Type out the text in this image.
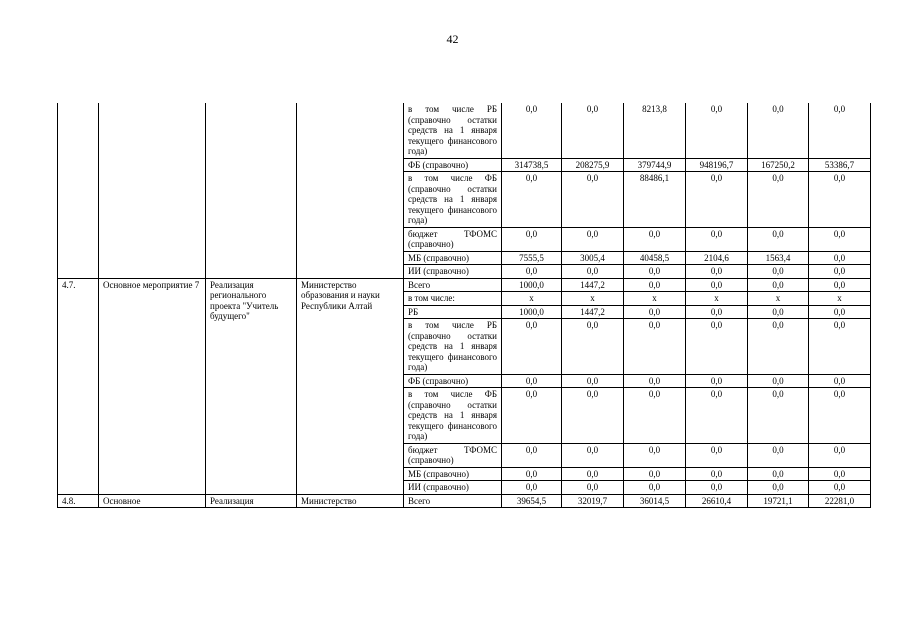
42
				в том числе РБ (справочно остатки средств на 1 января текущего финансового года)	0,0	0,0	8213,8	0,0	0,0	0,0
				ФБ (справочно)	314738,5	208275,9	379744,9	948196,7	167250,2	53386,7
				в том числе ФБ (справочно остатки средств на 1 января текущего финансового года)	0,0	0,0	88486,1	0,0	0,0	0,0
				бюджет ТФОМС (справочно)	0,0	0,0	0,0	0,0	0,0	0,0
				МБ (справочно)	7555,5	3005,4	40458,5	2104,6	1563,4	0,0
				ИИ (справочно)	0,0	0,0	0,0	0,0	0,0	0,0
4.7.	Основное мероприятие 7	Реализация регионального проекта "Учитель будущего"	Министерство образования и науки Республики Алтай	Всего	1000,0	1447,2	0,0	0,0	0,0	0,0
				в том числе:	х	х	х	х	х	х
				РБ	1000,0	1447,2	0,0	0,0	0,0	0,0
				в том числе РБ (справочно остатки средств на 1 января текущего финансового года)	0,0	0,0	0,0	0,0	0,0	0,0
				ФБ (справочно)	0,0	0,0	0,0	0,0	0,0	0,0
				в том числе ФБ (справочно остатки средств на 1 января текущего финансового года)	0,0	0,0	0,0	0,0	0,0	0,0
				бюджет ТФОМС (справочно)	0,0	0,0	0,0	0,0	0,0	0,0
				МБ (справочно)	0,0	0,0	0,0	0,0	0,0	0,0
				ИИ (справочно)	0,0	0,0	0,0	0,0	0,0	0,0
4.8.	Основное	Реализация	Министерство	Всего	39654,5	32019,7	36014,5	26610,4	19721,1	22281,0
